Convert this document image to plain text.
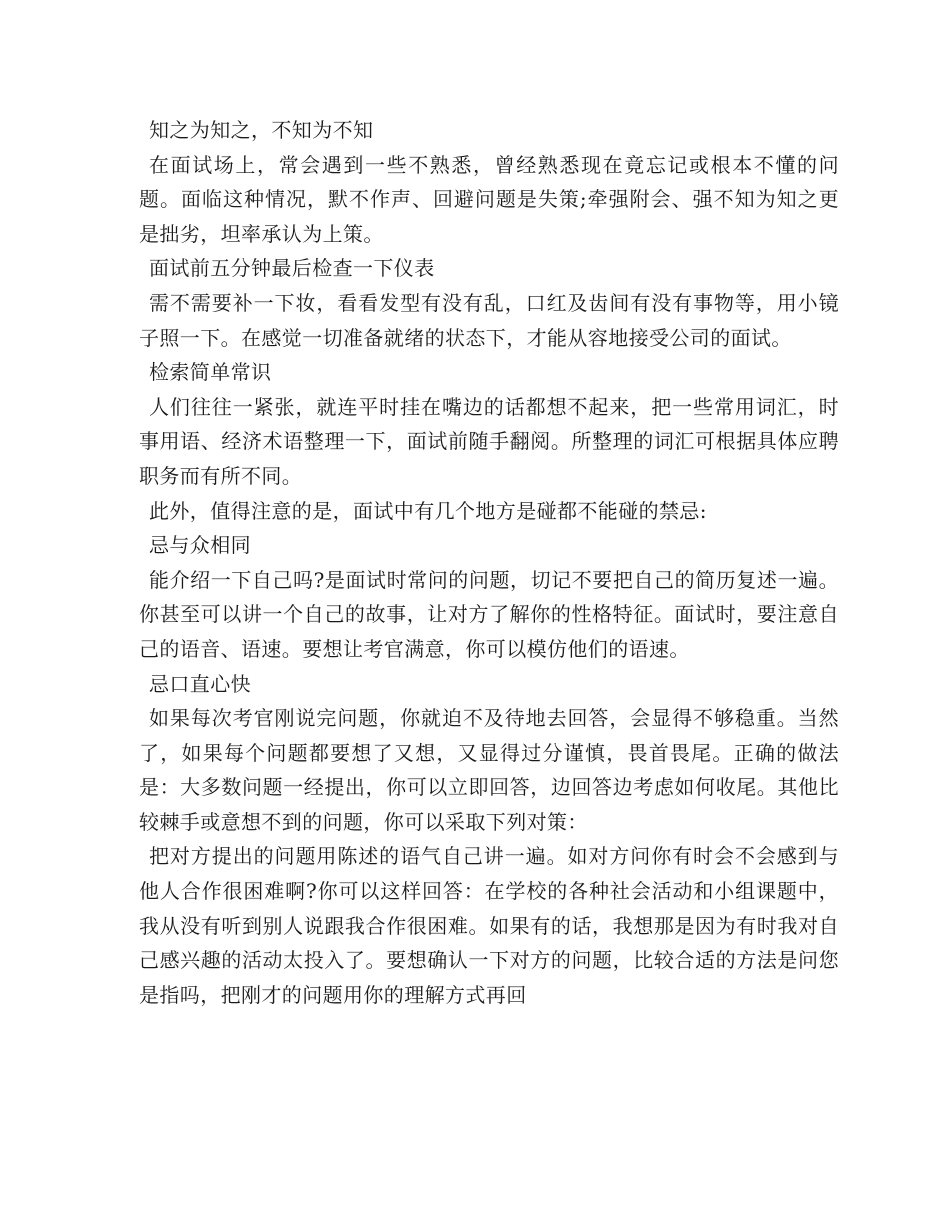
知之为知之，不知为不知

在面试场上，常会遇到一些不熟悉，曾经熟悉现在竟忘记或根本不懂的问题。面临这种情况，默不作声、回避问题是失策;牵强附会、强不知为知之更是拙劣，坦率承认为上策。

面试前五分钟最后检查一下仪表

需不需要补一下妆，看看发型有没有乱，口红及齿间有没有事物等，用小镜子照一下。在感觉一切准备就绪的状态下，才能从容地接受公司的面试。

检索简单常识

人们往往一紧张，就连平时挂在嘴边的话都想不起来，把一些常用词汇，时事用语、经济术语整理一下，面试前随手翻阅。所整理的词汇可根据具体应聘职务而有所不同。

此外，值得注意的是，面试中有几个地方是碰都不能碰的禁忌:

忌与众相同

能介绍一下自己吗?是面试时常问的问题，切记不要把自己的简历复述一遍。你甚至可以讲一个自己的故事，让对方了解你的性格特征。面试时，要注意自己的语音、语速。要想让考官满意，你可以模仿他们的语速。

忌口直心快

如果每次考官刚说完问题，你就迫不及待地去回答，会显得不够稳重。当然了，如果每个问题都要想了又想，又显得过分谨慎，畏首畏尾。正确的做法是：大多数问题一经提出，你可以立即回答，边回答边考虑如何收尾。其他比较棘手或意想不到的问题，你可以采取下列对策：

把对方提出的问题用陈述的语气自己讲一遍。如对方问你有时会不会感到与他人合作很困难啊?你可以这样回答：在学校的各种社会活动和小组课题中，我从没有听到别人说跟我合作很困难。如果有的话，我想那是因为有时我对自己感兴趣的活动太投入了。要想确认一下对方的问题，比较合适的方法是问您是指吗，把刚才的问题用你的理解方式再回
